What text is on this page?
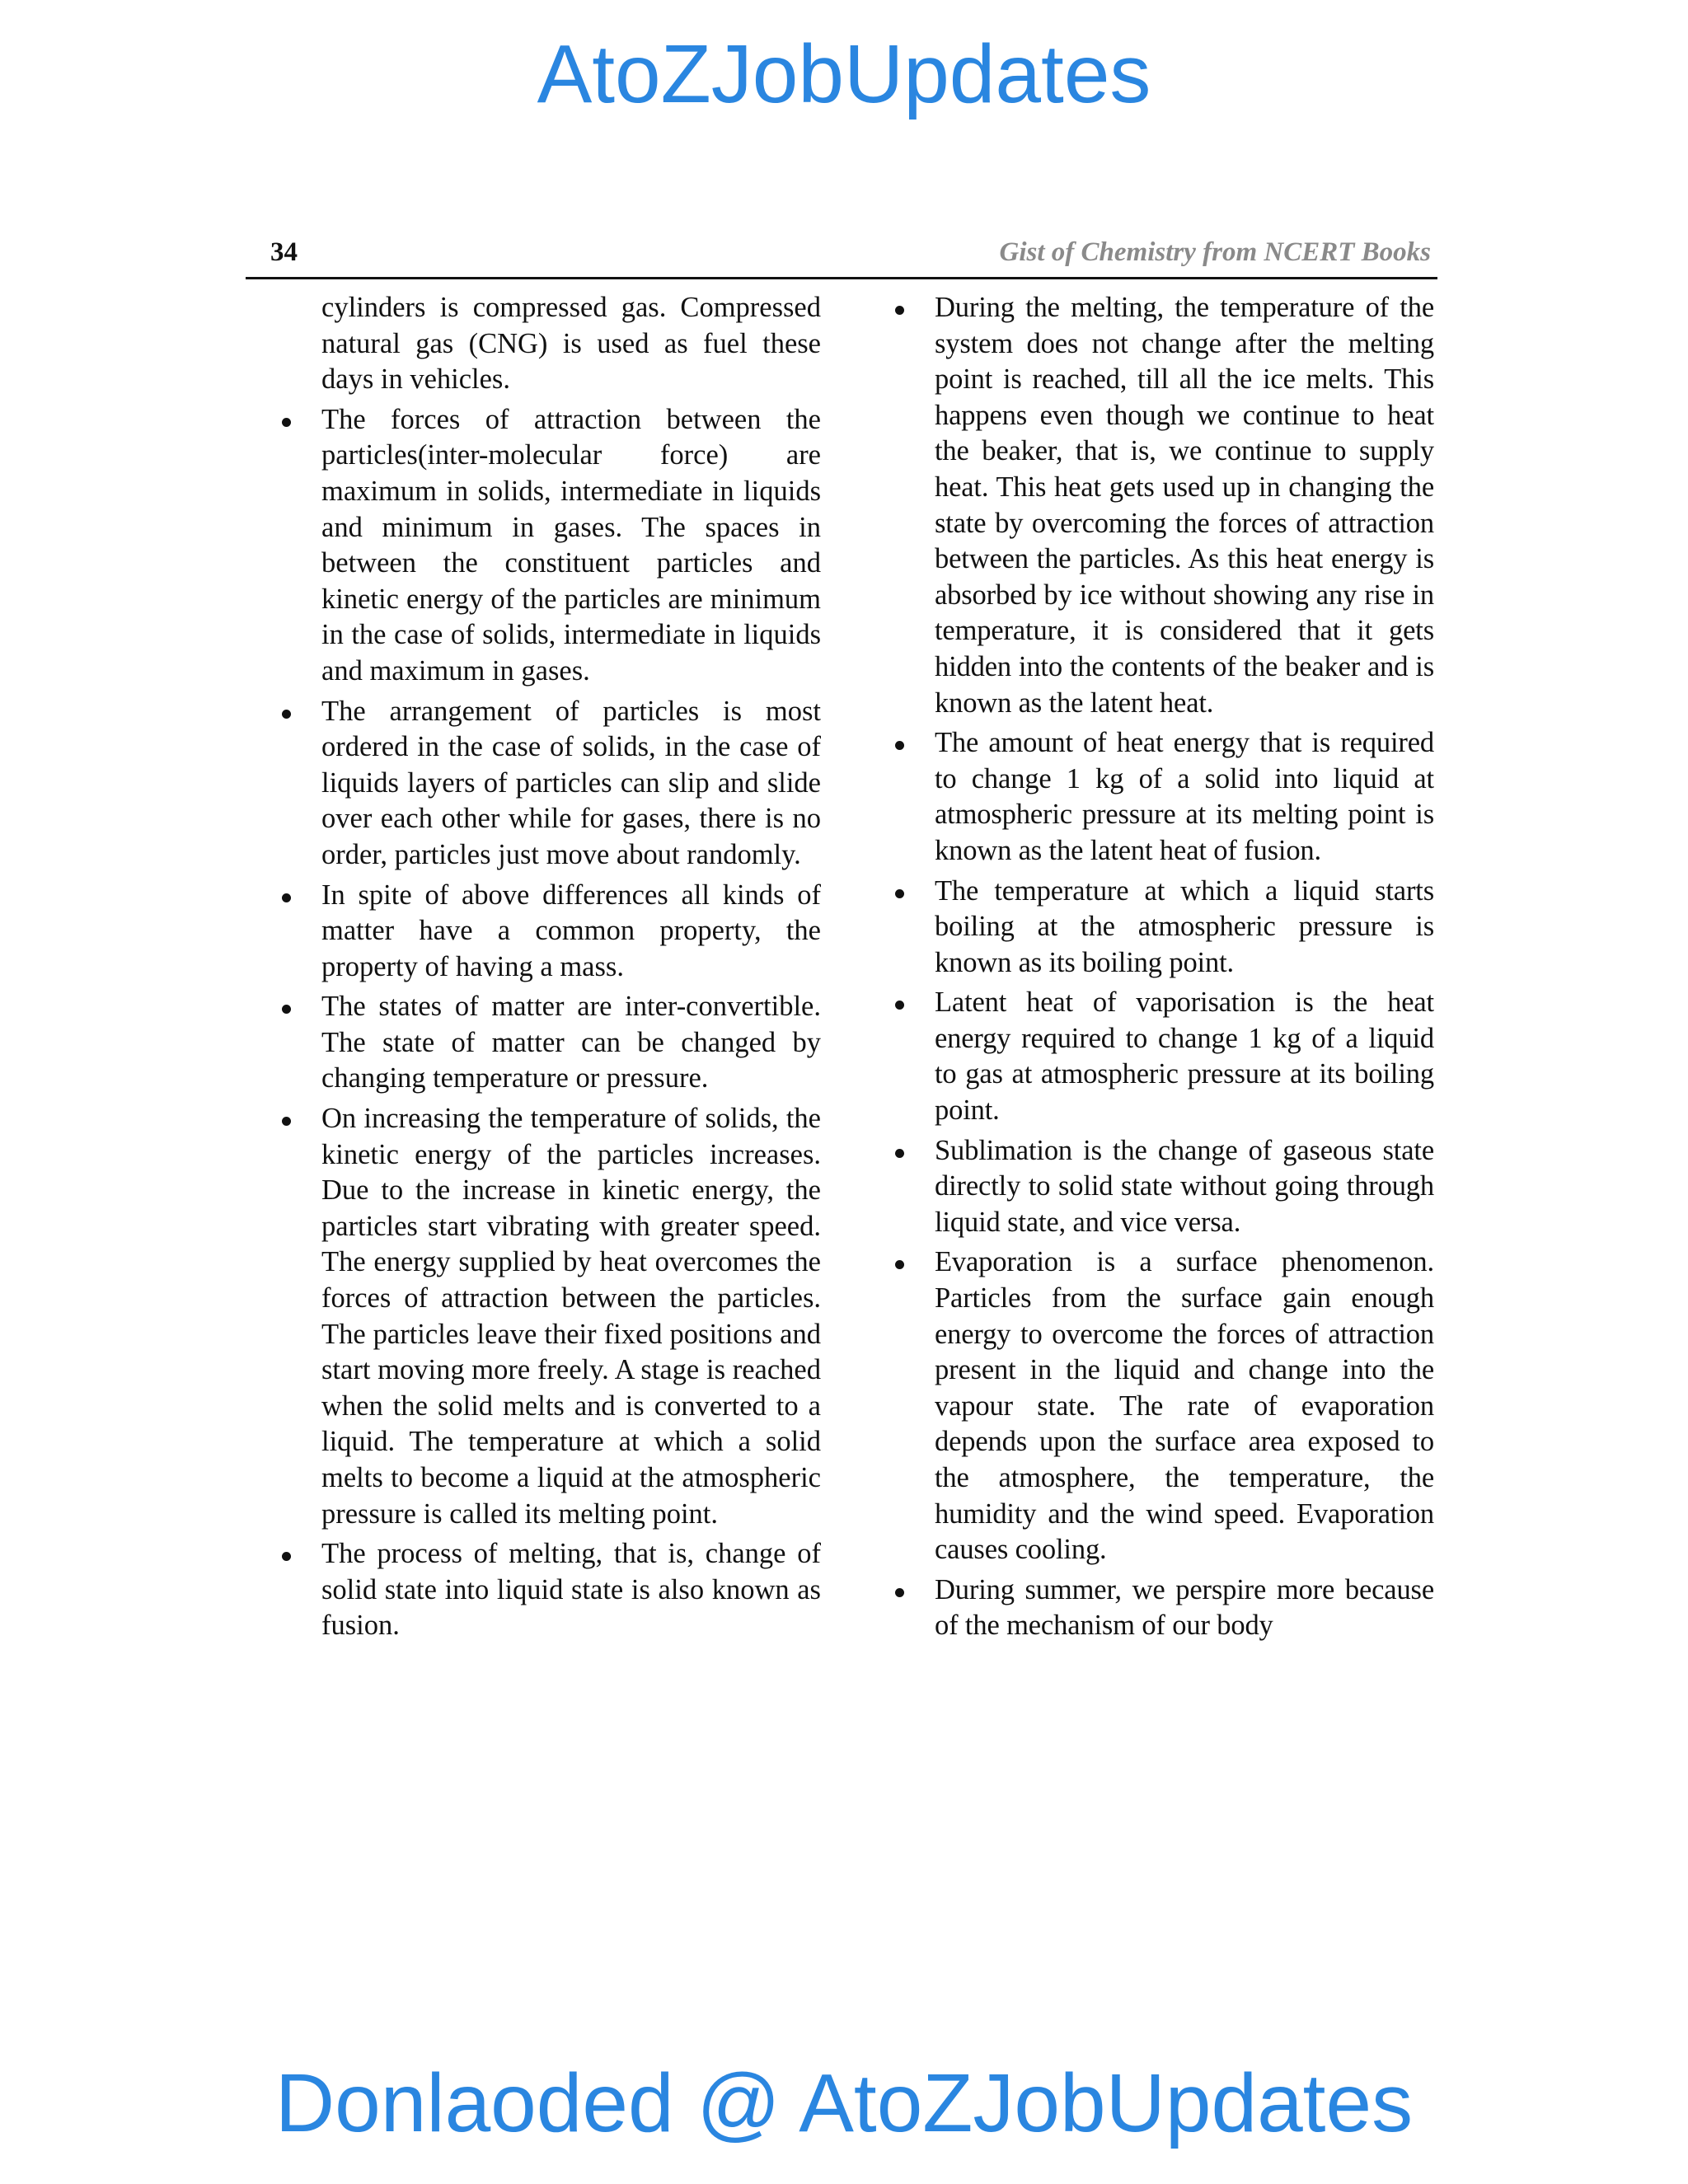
AtoZJobUpdates
34	Gist of Chemistry from NCERT Books
cylinders is compressed gas. Compressed natural gas (CNG) is used as fuel these days in vehicles.
The forces of attraction between the particles(inter-molecular force) are maximum in solids, intermediate in liquids and minimum in gases. The spaces in between the constituent particles and kinetic energy of the particles are minimum in the case of solids, intermediate in liquids and maximum in gases.
The arrangement of particles is most ordered in the case of solids, in the case of liquids layers of particles can slip and slide over each other while for gases, there is no order, particles just move about randomly.
In spite of above differences all kinds of matter have a common property, the property of having a mass.
The states of matter are inter-convertible. The state of matter can be changed by changing temperature or pressure.
On increasing the temperature of solids, the kinetic energy of the particles increases. Due to the increase in kinetic energy, the particles start vibrating with greater speed. The energy supplied by heat overcomes the forces of attraction between the particles. The particles leave their fixed positions and start moving more freely. A stage is reached when the solid melts and is converted to a liquid. The temperature at which a solid melts to become a liquid at the atmospheric pressure is called its melting point.
The process of melting, that is, change of solid state into liquid state is also known as fusion.
During the melting, the temperature of the system does not change after the melting point is reached, till all the ice melts. This happens even though we continue to heat the beaker, that is, we continue to supply heat. This heat gets used up in changing the state by overcoming the forces of attraction between the particles. As this heat energy is absorbed by ice without showing any rise in temperature, it is considered that it gets hidden into the contents of the beaker and is known as the latent heat.
The amount of heat energy that is required to change 1 kg of a solid into liquid at atmospheric pressure at its melting point is known as the latent heat of fusion.
The temperature at which a liquid starts boiling at the atmospheric pressure is known as its boiling point.
Latent heat of vaporisation is the heat energy required to change 1 kg of a liquid to gas at atmospheric pressure at its boiling point.
Sublimation is the change of gaseous state directly to solid state without going through liquid state, and vice versa.
Evaporation is a surface phenomenon. Particles from the surface gain enough energy to overcome the forces of attraction present in the liquid and change into the vapour state. The rate of evaporation depends upon the surface area exposed to the atmosphere, the temperature, the humidity and the wind speed. Evaporation causes cooling.
During summer, we perspire more because of the mechanism of our body
Donlaoded @ AtoZJobUpdates
